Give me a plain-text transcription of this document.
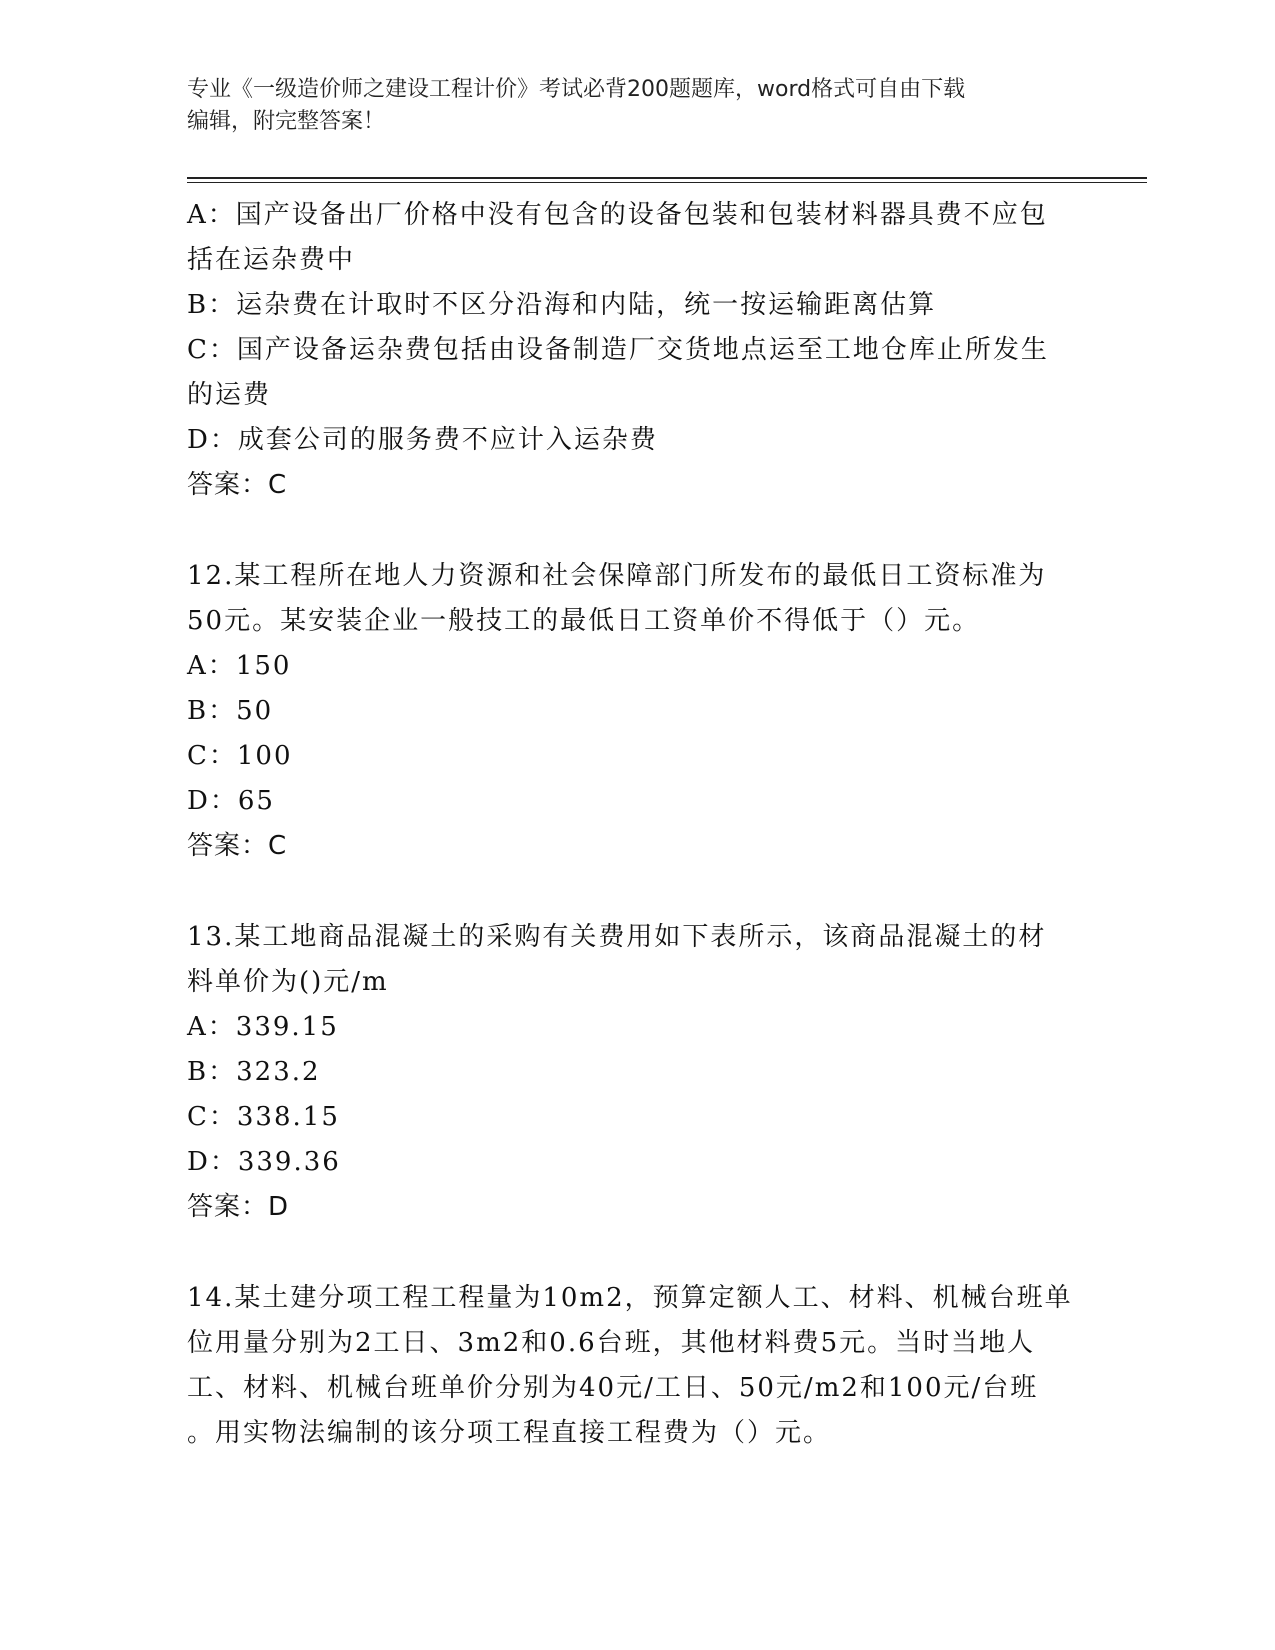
专业《一级造价师之建设工程计价》考试必背200题题库，word格式可自由下载
编辑，附完整答案！
A：国产设备出厂价格中没有包含的设备包装和包装材料器具费不应包
括在运杂费中
B：运杂费在计取时不区分沿海和内陆，统一按运输距离估算
C：国产设备运杂费包括由设备制造厂交货地点运至工地仓库止所发生
的运费
D：成套公司的服务费不应计入运杂费
答案：C
12.某工程所在地人力资源和社会保障部门所发布的最低日工资标准为
50元。某安装企业一般技工的最低日工资单价不得低于（）元。
A：150
B：50
C：100
D：65
答案：C
13.某工地商品混凝土的采购有关费用如下表所示，该商品混凝土的材
料单价为()元/m
A：339.15
B：323.2
C：338.15
D：339.36
答案：D
14.某土建分项工程工程量为10m2，预算定额人工、材料、机械台班单
位用量分别为2工日、3m2和0.6台班，其他材料费5元。当时当地人
工、材料、机械台班单价分别为40元/工日、50元/m2和100元/台班
。用实物法编制的该分项工程直接工程费为（）元。
